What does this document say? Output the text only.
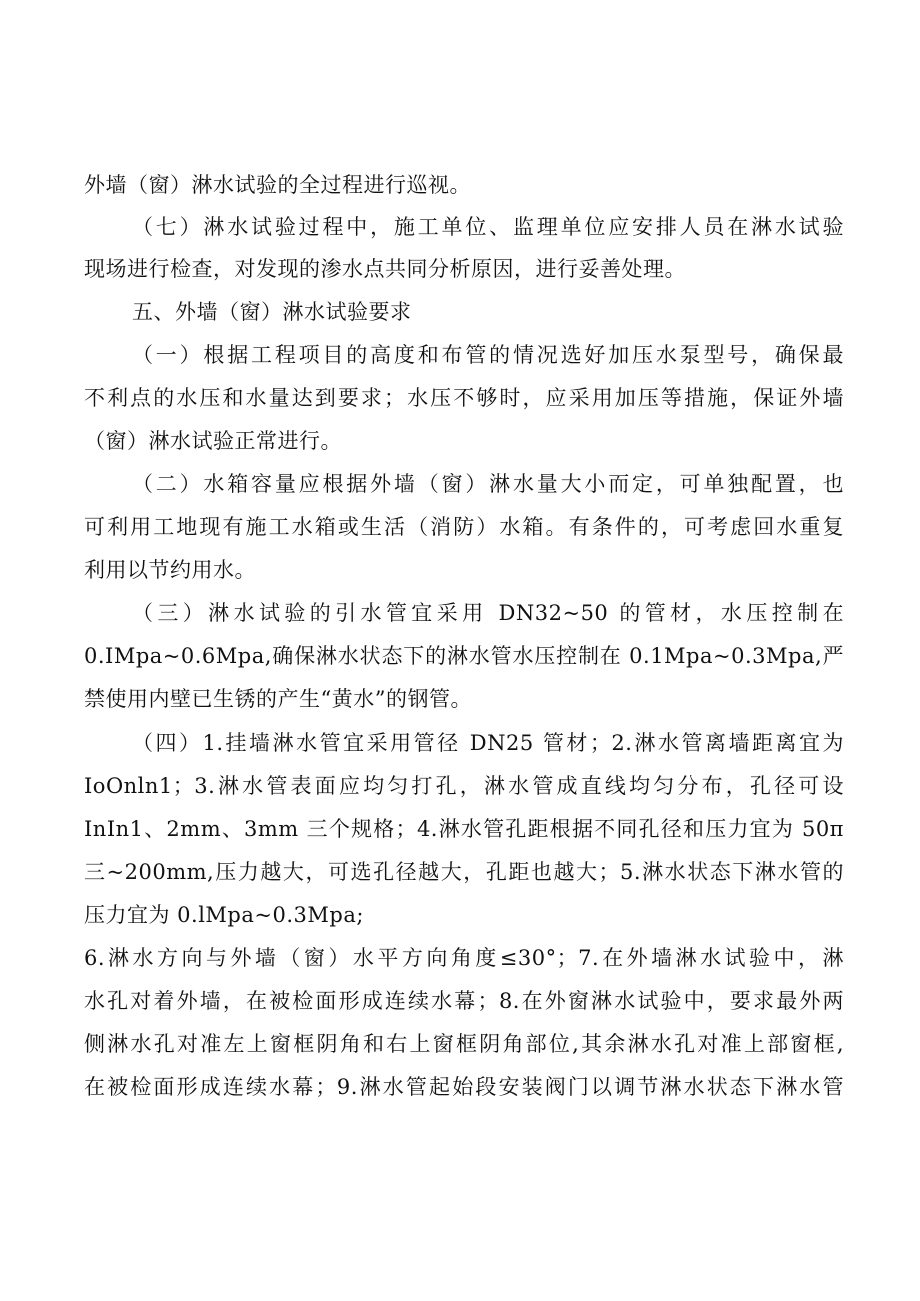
外墙（窗）淋水试验的全过程进行巡视。
（七）淋水试验过程中，施工单位、监理单位应安排人员在淋水试验
现场进行检查，对发现的渗水点共同分析原因，进行妥善处理。
五、外墙（窗）淋水试验要求
（一）根据工程项目的高度和布管的情况选好加压水泵型号，确保最
不利点的水压和水量达到要求；水压不够时，应采用加压等措施，保证外墙
（窗）淋水试验正常进行。
（二）水箱容量应根据外墙（窗）淋水量大小而定，可单独配置，也
可利用工地现有施工水箱或生活（消防）水箱。有条件的，可考虑回水重复
利用以节约用水。
（三）淋水试验的引水管宜采用 DN32~50 的管材，水压控制在
0.IMpa~0.6Mpa,确保淋水状态下的淋水管水压控制在 0.1Mpa~0.3Mpa,严
禁使用内壁已生锈的产生“黄水”的钢管。
（四）1.挂墙淋水管宜采用管径 DN25 管材；2.淋水管离墙距离宜为
IoOnln1；3.淋水管表面应均匀打孔，淋水管成直线均匀分布，孔径可设
InIn1、2mm、3mm 三个规格；4.淋水管孔距根据不同孔径和压力宜为 50π
三~200mm,压力越大，可选孔径越大，孔距也越大；5.淋水状态下淋水管的
压力宜为 0.lMpa~0.3Mpa;
6.淋水方向与外墙（窗）水平方向角度≤30°；7.在外墙淋水试验中，淋
水孔对着外墙，在被检面形成连续水幕；8.在外窗淋水试验中，要求最外两
侧淋水孔对准左上窗框阴角和右上窗框阴角部位,其余淋水孔对准上部窗框,
在被检面形成连续水幕；9.淋水管起始段安装阀门以调节淋水状态下淋水管
